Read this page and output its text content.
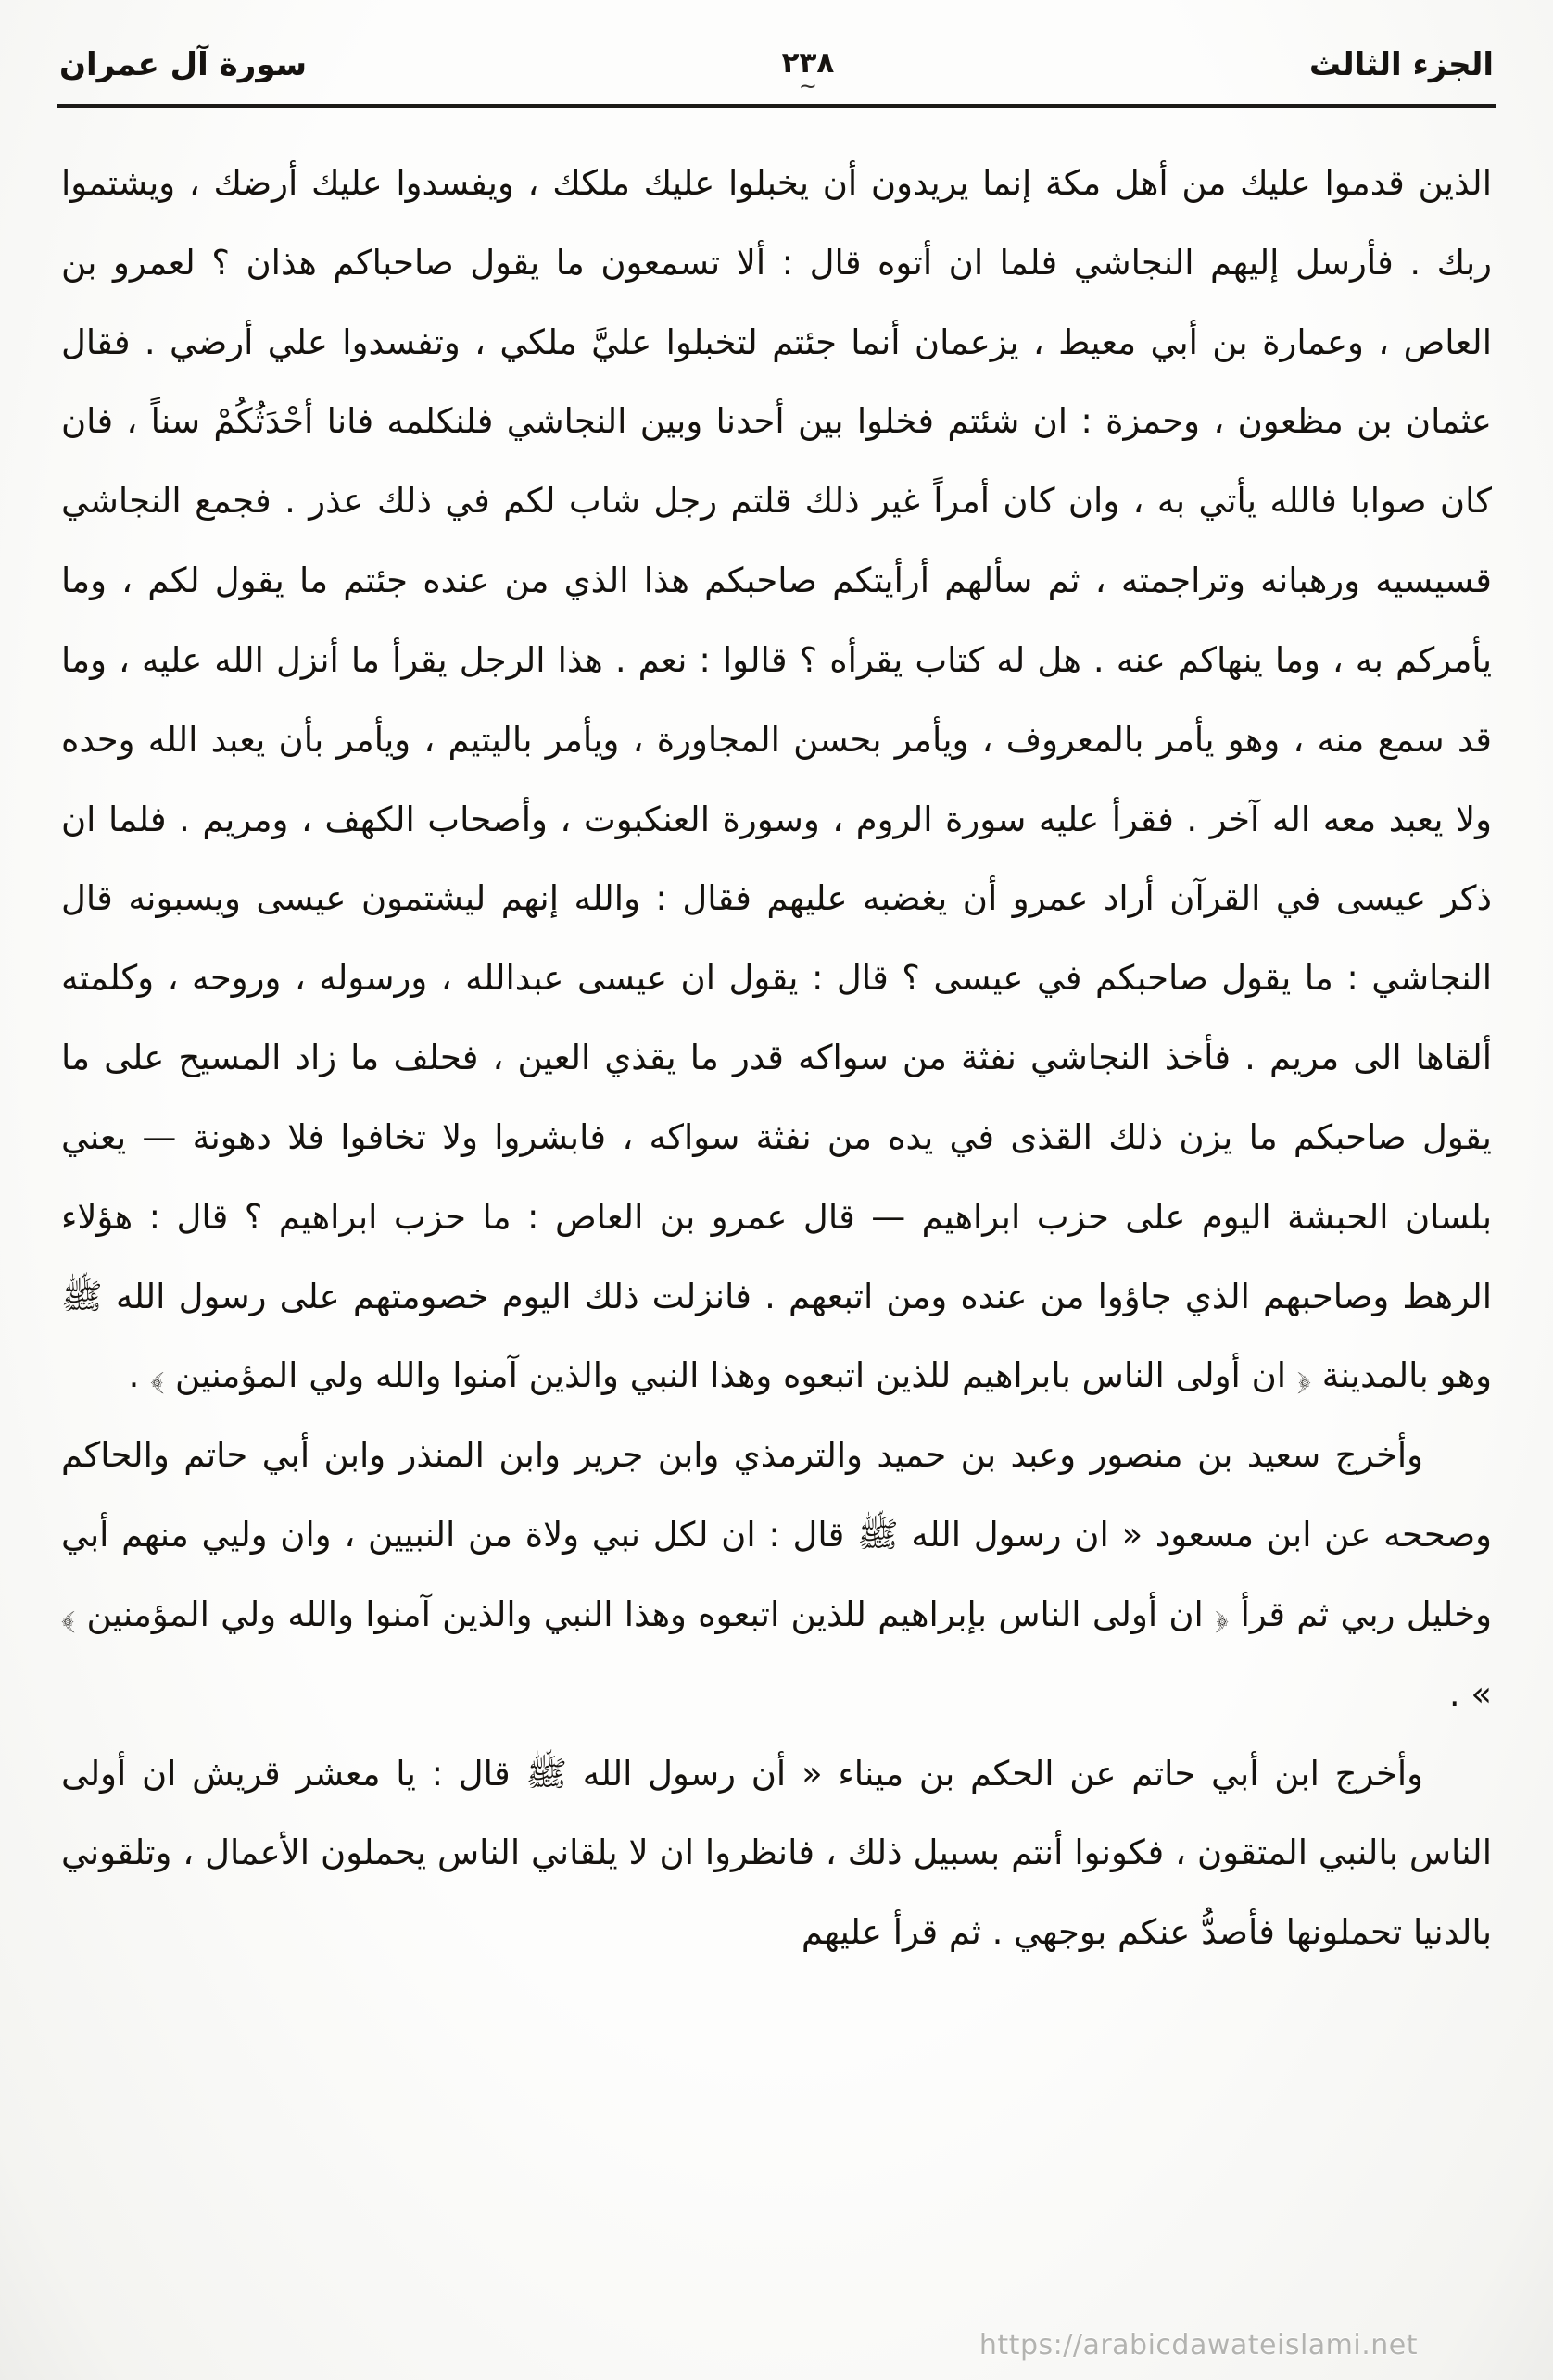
الجزء الثالث
٢٣٨
~
سورة آل عمران

الذين قدموا عليك من أهل مكة إنما يريدون أن يخبلوا عليك ملكك ، ويفسدوا عليك أرضك ، ويشتموا ربك . فأرسل إليهم النجاشي فلما ان أتوه قال : ألا تسمعون ما يقول صاحباكم هذان ؟ لعمرو بن العاص ، وعمارة بن أبي معيط ، يزعمان أنما جئتم لتخبلوا عليَّ ملكي ، وتفسدوا علي أرضي . فقال عثمان بن مظعون ، وحمزة : ان شئتم فخلوا بين أحدنا وبين النجاشي فلنكلمه فانا أحْدَثُكُمْ سناً ، فان كان صوابا فالله يأتي به ، وان كان أمراً غير ذلك قلتم رجل شاب لكم في ذلك عذر . فجمع النجاشي قسيسيه ورهبانه وتراجمته ، ثم سألهم أرأيتكم صاحبكم هذا الذي من عنده جئتم ما يقول لكم ، وما يأمركم به ، وما ينهاكم عنه . هل له كتاب يقرأه ؟ قالوا : نعم . هذا الرجل يقرأ ما أنزل الله عليه ، وما قد سمع منه ، وهو يأمر بالمعروف ، ويأمر بحسن المجاورة ، ويأمر باليتيم ، ويأمر بأن يعبد الله وحده ولا يعبد معه اله آخر . فقرأ عليه سورة الروم ، وسورة العنكبوت ، وأصحاب الكهف ، ومريم . فلما ان ذكر عيسى في القرآن أراد عمرو أن يغضبه عليهم فقال : والله إنهم ليشتمون عيسى ويسبونه قال النجاشي : ما يقول صاحبكم في عيسى ؟ قال : يقول ان عيسى عبدالله ، ورسوله ، وروحه ، وكلمته ألقاها الى مريم . فأخذ النجاشي نفثة من سواكه قدر ما يقذي العين ، فحلف ما زاد المسيح على ما يقول صاحبكم ما يزن ذلك القذى في يده من نفثة سواكه ، فابشروا ولا تخافوا فلا دهونة — يعني بلسان الحبشة اليوم على حزب ابراهيم — قال عمرو بن العاص : ما حزب ابراهيم ؟ قال : هؤلاء الرهط وصاحبهم الذي جاؤوا من عنده ومن اتبعهم . فانزلت ذلك اليوم خصومتهم على رسول الله ﷺ وهو بالمدينة ﴿ ان أولى الناس بابراهيم للذين اتبعوه وهذا النبي والذين آمنوا والله ولي المؤمنين ﴾ .

وأخرج سعيد بن منصور وعبد بن حميد والترمذي وابن جرير وابن المنذر وابن أبي حاتم والحاكم وصححه عن ابن مسعود « ان رسول الله ﷺ قال : ان لكل نبي ولاة من النبيين ، وان وليي منهم أبي وخليل ربي ثم قرأ ﴿ ان أولى الناس بإبراهيم للذين اتبعوه وهذا النبي والذين آمنوا والله ولي المؤمنين ﴾ » .

وأخرج ابن أبي حاتم عن الحكم بن ميناء « أن رسول الله ﷺ قال : يا معشر قريش ان أولى الناس بالنبي المتقون ، فكونوا أنتم بسبيل ذلك ، فانظروا ان لا يلقاني الناس يحملون الأعمال ، وتلقوني بالدنيا تحملونها فأصدُّ عنكم بوجهي . ثم قرأ عليهم

https://arabicdawateislami.net
